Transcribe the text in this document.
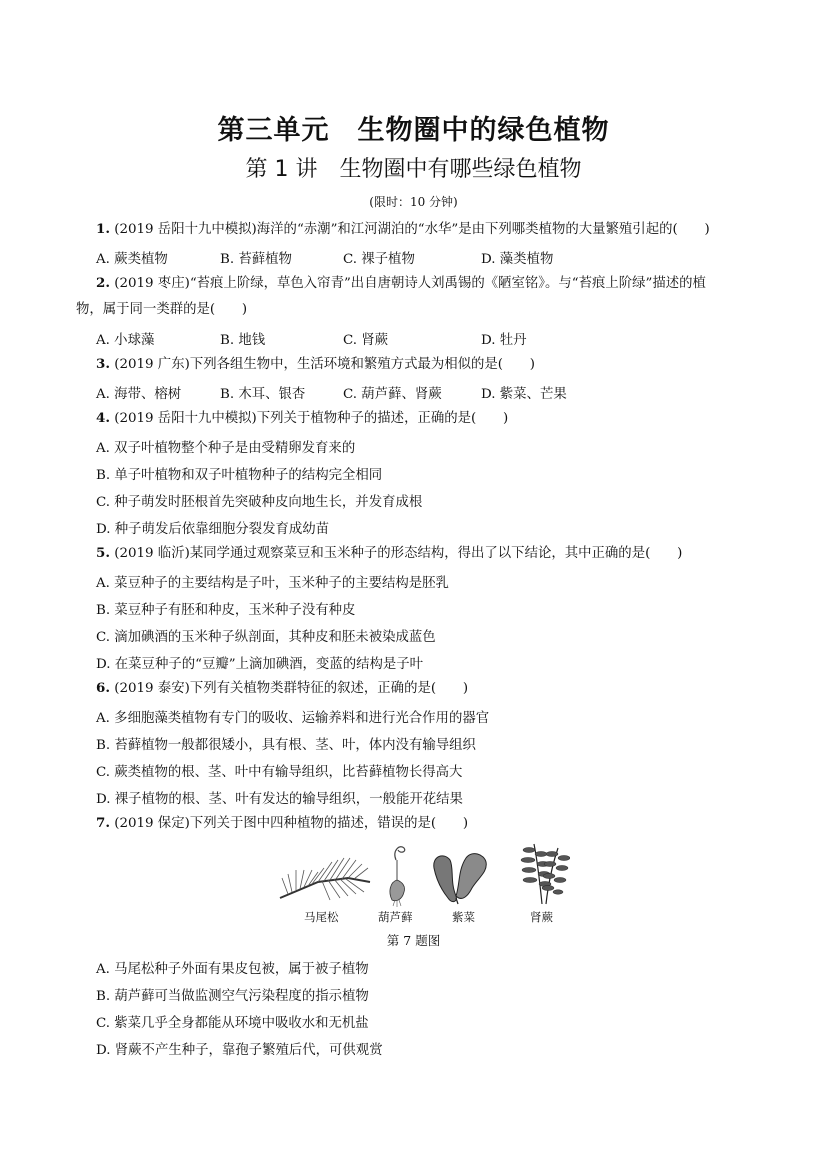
第三单元　生物圈中的绿色植物
第 1 讲　生物圈中有哪些绿色植物
(限时：10 分钟)
1. (2019 岳阳十九中模拟)海洋的“赤潮”和江河湖泊的“水华”是由下列哪类植物的大量繁殖引起的(　　)
A. 蕨类植物	B. 苔藓植物	C. 裸子植物	D. 藻类植物
2. (2019 枣庄)“苔痕上阶绿，草色入帘青”出自唐朝诗人刘禹锡的《陋室铭》。与“苔痕上阶绿”描述的植
物，属于同一类群的是(　　)
A. 小球藻	B. 地钱	C. 肾蕨	D. 牡丹
3. (2019 广东)下列各组生物中，生活环境和繁殖方式最为相似的是(　　)
A. 海带、榕树	B. 木耳、银杏	C. 葫芦藓、肾蕨	D. 紫菜、芒果
4. (2019 岳阳十九中模拟)下列关于植物种子的描述，正确的是(　　)
A. 双子叶植物整个种子是由受精卵发育来的
B. 单子叶植物和双子叶植物种子的结构完全相同
C. 种子萌发时胚根首先突破种皮向地生长，并发育成根
D. 种子萌发后依靠细胞分裂发育成幼苗
5. (2019 临沂)某同学通过观察菜豆和玉米种子的形态结构，得出了以下结论，其中正确的是(　　)
A. 菜豆种子的主要结构是子叶，玉米种子的主要结构是胚乳
B. 菜豆种子有胚和种皮，玉米种子没有种皮
C. 滴加碘酒的玉米种子纵剖面，其种皮和胚未被染成蓝色
D. 在菜豆种子的“豆瓣”上滴加碘酒，变蓝的结构是子叶
6. (2019 泰安)下列有关植物类群特征的叙述，正确的是(　　)
A. 多细胞藻类植物有专门的吸收、运输养料和进行光合作用的器官
B. 苔藓植物一般都很矮小，具有根、茎、叶，体内没有输导组织
C. 蕨类植物的根、茎、叶中有输导组织，比苔藓植物长得高大
D. 裸子植物的根、茎、叶有发达的输导组织，一般能开花结果
7. (2019 保定)下列关于图中四种植物的描述，错误的是(　　)
马尾松	葫芦藓	紫菜	肾蕨
第 7 题图
A. 马尾松种子外面有果皮包被，属于被子植物
B. 葫芦藓可当做监测空气污染程度的指示植物
C. 紫菜几乎全身都能从环境中吸收水和无机盐
D. 肾蕨不产生种子，靠孢子繁殖后代，可供观赏
